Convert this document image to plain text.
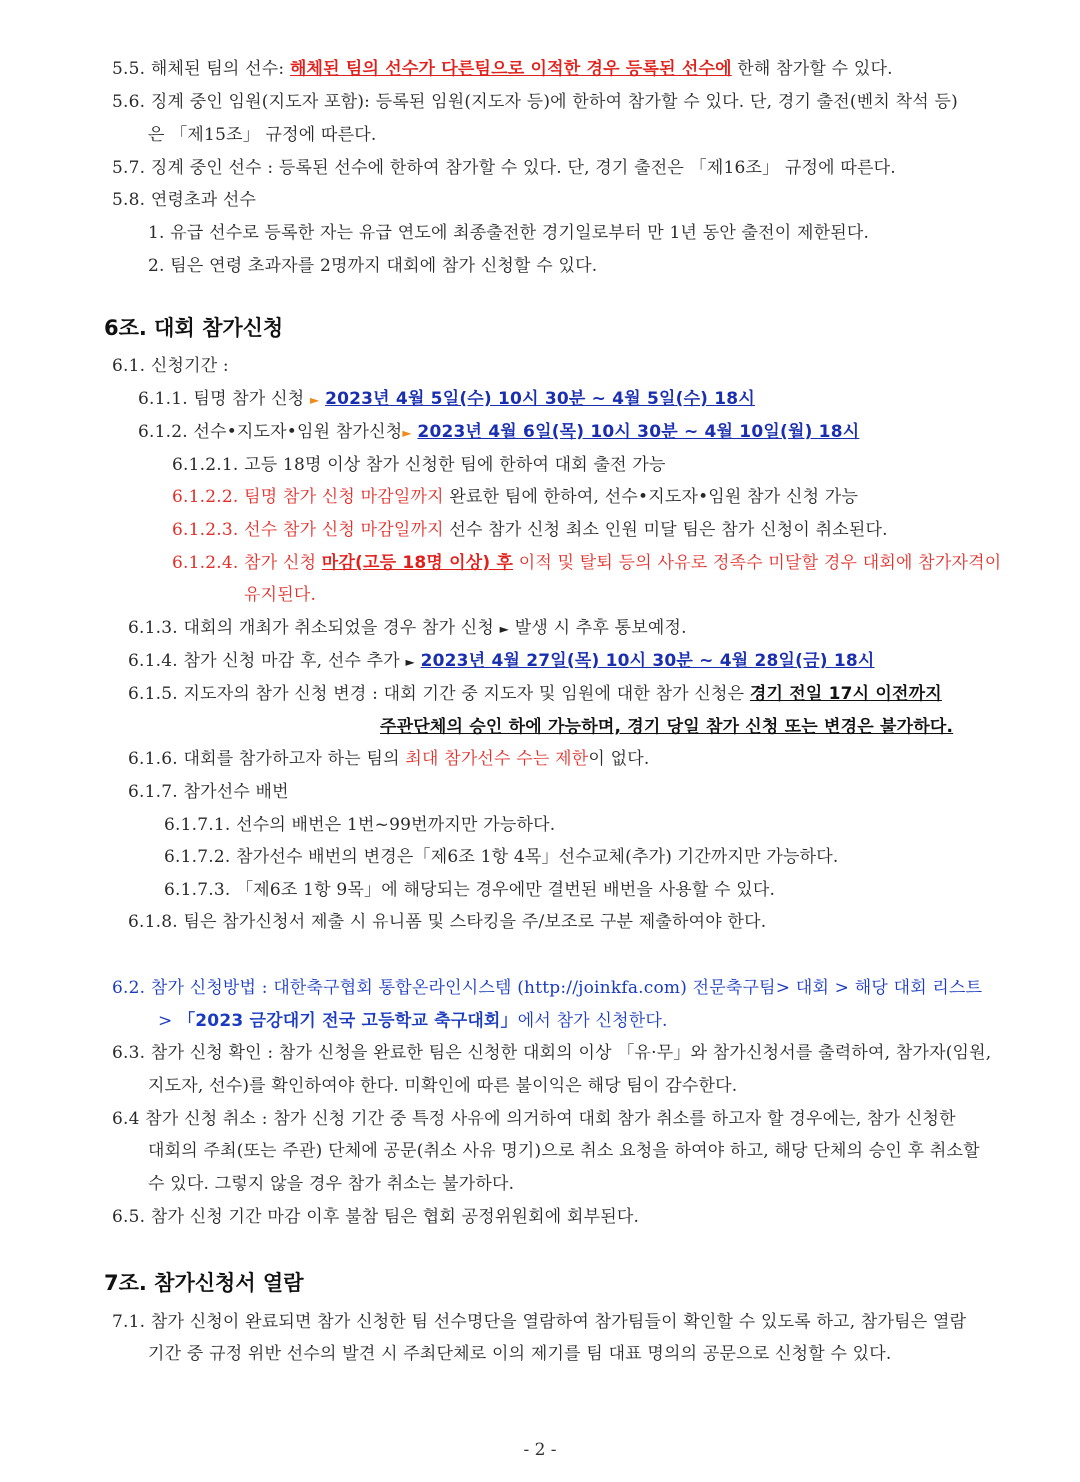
5.5. 해체된 팀의 선수: 해체된 팀의 선수가 다른팀으로 이적한 경우 등록된 선수에 한해 참가할 수 있다.
5.6. 징계 중인 임원(지도자 포함): 등록된 임원(지도자 등)에 한하여 참가할 수 있다. 단, 경기 출전(벤치 착석 등)
은 「제15조」 규정에 따른다.
5.7. 징계 중인 선수 : 등록된 선수에 한하여 참가할 수 있다. 단, 경기 출전은 「제16조」 규정에 따른다.
5.8. 연령초과 선수
1. 유급 선수로 등록한 자는 유급 연도에 최종출전한 경기일로부터 만 1년 동안 출전이 제한된다.
2. 팀은 연령 초과자를 2명까지 대회에 참가 신청할 수 있다.
6조. 대회 참가신청
6.1. 신청기간 :
6.1.1. 팀명 참가 신청 ► 2023년 4월 5일(수) 10시 30분 ~ 4월 5일(수) 18시
6.1.2. 선수•지도자•임원 참가신청► 2023년 4월 6일(목) 10시 30분 ~ 4월 10일(월) 18시
6.1.2.1. 고등 18명 이상 참가 신청한 팀에 한하여 대회 출전 가능
6.1.2.2. 팀명 참가 신청 마감일까지 완료한 팀에 한하여, 선수•지도자•임원 참가 신청 가능
6.1.2.3. 선수 참가 신청 마감일까지 선수 참가 신청 최소 인원 미달 팀은 참가 신청이 취소된다.
6.1.2.4. 참가 신청 마감(고등 18명 이상) 후 이적 및 탈퇴 등의 사유로 정족수 미달할 경우 대회에 참가자격이
유지된다.
6.1.3. 대회의 개최가 취소되었을 경우 참가 신청 ► 발생 시 추후 통보예정.
6.1.4. 참가 신청 마감 후, 선수 추가 ► 2023년 4월 27일(목) 10시 30분 ~ 4월 28일(금) 18시
6.1.5. 지도자의 참가 신청 변경 : 대회 기간 중 지도자 및 임원에 대한 참가 신청은 경기 전일 17시 이전까지
주관단체의 승인 하에 가능하며, 경기 당일 참가 신청 또는 변경은 불가하다.
6.1.6. 대회를 참가하고자 하는 팀의 최대 참가선수 수는 제한이 없다.
6.1.7. 참가선수 배번
6.1.7.1. 선수의 배번은 1번~99번까지만 가능하다.
6.1.7.2. 참가선수 배번의 변경은「제6조 1항 4목」선수교체(추가) 기간까지만 가능하다.
6.1.7.3. 「제6조 1항 9목」에 해당되는 경우에만 결번된 배번을 사용할 수 있다.
6.1.8. 팀은 참가신청서 제출 시 유니폼 및 스타킹을 주/보조로 구분 제출하여야 한다.
6.2. 참가 신청방법 : 대한축구협회 통합온라인시스템 (http://joinkfa.com) 전문축구팀> 대회 > 해당 대회 리스트
> 「2023 금강대기 전국 고등학교 축구대회」에서 참가 신청한다.
6.3. 참가 신청 확인 : 참가 신청을 완료한 팀은 신청한 대회의 이상 「유·무」와 참가신청서를 출력하여, 참가자(임원,
지도자, 선수)를 확인하여야 한다. 미확인에 따른 불이익은 해당 팀이 감수한다.
6.4 참가 신청 취소 : 참가 신청 기간 중 특정 사유에 의거하여 대회 참가 취소를 하고자 할 경우에는, 참가 신청한
대회의 주최(또는 주관) 단체에 공문(취소 사유 명기)으로 취소 요청을 하여야 하고, 해당 단체의 승인 후 취소할
수 있다. 그렇지 않을 경우 참가 취소는 불가하다.
6.5. 참가 신청 기간 마감 이후 불참 팀은 협회 공정위원회에 회부된다.
7조. 참가신청서 열람
7.1. 참가 신청이 완료되면 참가 신청한 팀 선수명단을 열람하여 참가팀들이 확인할 수 있도록 하고, 참가팀은 열람
기간 중 규정 위반 선수의 발견 시 주최단체로 이의 제기를 팀 대표 명의의 공문으로 신청할 수 있다.
- 2 -
